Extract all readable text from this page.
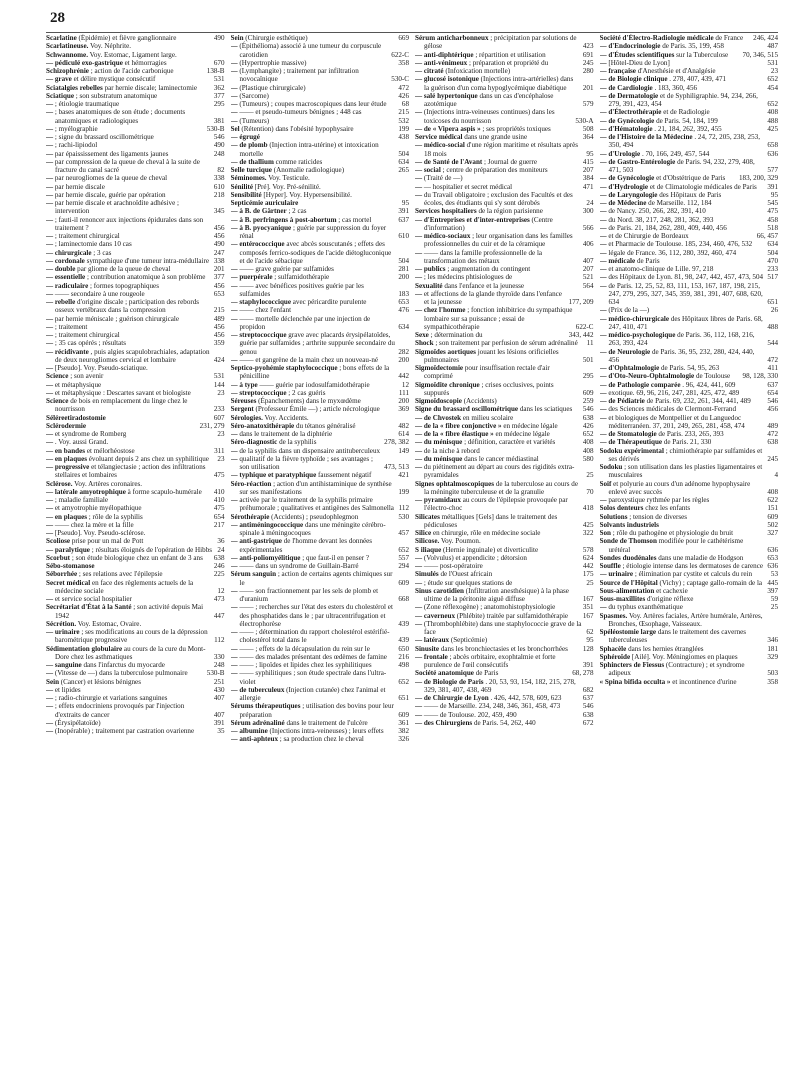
28
Scarlatine (Épidémie) et fièvre ganglionnaire	490
Scarlatineuse. Voy. Néphrite.
Schwannome. Voy. Estomac, Ligament large.
— pédiculé exo-gastrique et hémorragies	670
Schizophrénie ; action de l'acide carbonique	138-B
— grave et délire mystique consécutif	531
Sciatalgies rebelles par hernie discale; laminectomie	362
Sciatique ; son substratum anatomique	377
— ; étiologie traumatique	295
— ; bases anatomiques de son étude ; documents anatomiques et radiologiques	381
— ; myélographie	530-B
— ; signe du brassard oscillométrique	546
— ; rachi-lipiodol	490
— par épaississement des ligaments jaunes	248
— par compression de la queue de cheval à la suite de fracture du canal sacré	82
— par neurogliomes de la queue de cheval	338
— par hernie discale	610
— par hernie discale, guérie par opération	218
— par hernie discale et arachnoïdite adhésive ; intervention	345
— ; fauti-il renoncer aux injections épidurales dans son traitement ?	456
— ; traitement chirurgical	456
— ; laminectomie dans 10 cas	490
— chirurgicale ; 3 cas	247
— cordonale sympathique d'une tumeur intra-médullaire 338
— double par gliome de la queue de cheval	201
— essentielle ; contribution anatomique à son problème	377
— radiculaire ; formes topographiques	456
— —— secondaire à une rougeole	653
— rebelle d'origine discale ; participation des rebords osseux vertébraux dans la compression	215
— par hernie méniscale ; guérison chirurgicale	489
— ; traitement	456
— ; traitement chirurgical	456
— ; 35 cas opérés ; résultats	359
— récidivante , puis algies scapulobrachiales, adaptation de deux neurogliomes cervical et lombaire	424
— [Pseudo]. Voy. Pseudo-sciatique.
Science ; son avenir	531
— et métaphysique	144
— et métaphysique : Descartes savant et biologiste	23
Science de bois en remplacement du linge chez le nourrisson	233
Séléreetiradostomie	607
Sclérodermie	231, 279
— et syndrome de Romberg	23
— . Voy. aussi Grand.
— en bandes et mélorhéostose	311
— en plaques évoluant depuis 2 ans chez un syphilitique	23
— progressive et télangiectasie ; action des infiltrations stellaires et lombaires	475
Sclérose. Voy. Artères coronaires.
— latérale amyotrophique à forme scapulo-humérale	410
— ; maladie familiale	410
— et amyotrophie myélopathique	475
— en plaques ; rôle de la syphilis	654
— —— chez la mère et la fille	217
— [Pseudo]. Voy. Pseudo-sclérose.
Scoliose prise pour un mal de Pott	36
— paralytique ; résultats éloignés de l'opération de Hibbs 24
Scorbut ; son étude biologique chez un enfant de 3 ans	638
Sébo-stomanose	246
Séborrhée ; ses relations avec l'épilepsie	225
Secret médical en face des règlements actuels de la médecine sociale	12
— et service social hospitalier	473
Secrétariat d'État à la Santé ; son activité depuis Mai 1942	447
Sécrétion. Voy. Estomac, Ovaire.
— urinaire ; ses modifications au cours de la dépression barométrique progressive	112
Sédimentation globulaire au cours de la cure du Mont-Dore chez les asthmatiques	330
— sanguine dans l'infarctus du myocarde	248
— (Vitesse de —) dans la tuberculose pulmonaire	530-B
Sein (Cancer) et lésions bénignes	251
— et lipides	430
— ; radio-chirurgie et variations sanguines	407
— ; effets endocriniens provoqués par l'injection d'extraits de cancer	407
— (Érysipélatoïde)	391
— (Inopérable) ; traitement par castration ovarienne	35
Sein (Chirurgie esthétique)	669
— (Épithélioma) associé à une tumeur du corpuscule carotidien	622-C
— (Hypertrophie massive)	358
— (Lymphangite) ; traitement par infiltration novocaïnique	530-C
— (Plastique chirurgicale)	472
— (Sarcome)	426
— (Tumeurs) ; coupes macroscopiques dans leur étude	68
— —— et pseudo-tumeurs bénignes ; 448 cas	215
— (Tumeurs)	532
Sel (Rétention) dans l'obésité hypophysaire	199
— égrugé	438
— de plomb (Injection intra-utérine) et intoxication mortelle	504
— de thallium comme raticides	634
Selle turcique (Anomalie radiologique)	265
Séminomes. Voy. Testicule.
Sénilité [Pré]. Voy. Pré-sénilité.
Sensibilité [Hyper]. Voy. Hypersensibilité.
Septicémie auriculaire	95
— à B. de Gärtner ; 2 cas	391
— à B. perfringens à post-abortum ; cas mortel	637
— à B. pyocyanique ; guérie par suppression du foyer rénal	610
— entérococcique avec abcès souscutanés ; effets des composés ferrico-sodiques de l'acide diétogluconique et de l'acide sébacique	504
— —— grave guérie par sulfamides	281
— puerpérale ; sulfamidothérapie	200
— —— avec bénéfices positives guérie par les sulfamides	183
— staphylococcique avec péricardite purulente	653
— —— chez l'enfant	476
— —— mortelle déclenchée par une injection de propidon	634
— streptococcique grave avec placards érysipélatoïdes, guérie par sulfamides ; arthrite suppurée secondaire du genou	282
— —— et gangrène de la main chez un nouveau-né	200
Septico-pyohémie staphylococcique ; bons effets de la pénicilline	442
— à type —— guérie par iodosulfamidothérapie	12
— streptococcique ; 2 cas guéris	111
Séreuses (Épanchements) dans le myxœdème	200
Sergent (Professeur Émile —) ; article nécrologique	369
Sérologies. Voy. Accidents.
Séro-anatoxithérapie du tétanos généralisé	482
— dans le traitement de la diphtérie	614
Séro-diagnostic de la syphilis	278, 382
— de la syphilis dans un dispensaire antituberculeux	149
— qualitatif de la fièvre typhoïde ; ses avantages ; son utilisation	473, 513
— typhique et paratyphique faussement négatif	421
Séro-réaction ; action d'un antihistaminique de synthèse sur ses manifestations	199
— activée par le traitement de la syphilis primaire préhumorale ; qualitatives et antigènes des Salmonella 112
Sérothérapie (Accidents) ; pseudophlegmon	530
— antiméningococcique dans une méningite cérébro-spinale à méningocoques	457
— anti-gastrique de l'homme devant les données expérimentales	652
— anti-poliomyélitique ; que faut-il en penser ?	557
— —— dans un syndrome de Guillain-Barré	294
Sérum sanguin ; action de certains agents chimiques sur le	609
— —— son fractionnement par les sels de plomb et d'uranium	668
— —— ; recherches sur l'état des esters du cholestérol et des phosphatides dans le ; par ultracentrifugation et électrophorèse	439
— —— ; détermination du rapport cholestérol estérifié-cholestérol total dans le	439
— —— ; effets de la décapsulation du rein sur le	650
— —— des malades présentant des œdèmes de famine	216
— —— ; lipoïdes et lipides chez les syphilitiques	498
— —— syphilitiques ; son étude spectrale dans l'ultra-violet	652
— de tuberculeux (Injection cutanée) chez l'animal et allergie	651
Sérums thérapeutiques ; utilisation des bovins pour leur préparation	609
Sérum adrénaliné dans le traitement de l'ulcère	361
— albumine (Injections intra-veineuses) ; leurs effets	382
— anti-aphteux ; sa production chez le cheval	326
Sérum anticharbonneux ; précipitation par solutions de gélose	423
— anti-diphtérique ; répartition et utilisation	691
— anti-vénimeux ; préparation et propriété du	245
— citraté (Infoxication mortelle)	280
— glucosé isotonique (Injections intra-artérielles) dans la guérison d'un coma hypoglycémique diabétique	201
— salé hypertonique dans un cas d'encéphalose azotémique	579
— (Injections intra-veineuses continues) dans les toxicoses du nourrisson	530-A
— de « Vipera aspis » ; ses propriétés toxiques	508
Service médical dans une grande usine	364
— médico-social d'une région maritime et résultats après 18 mois	95
— de Santé de l'Avant ; Journal de guerre	415
— social ; centre de préparation des moniteurs	207
— (Traité de —)	384
— — hospitalier et secret médical	471
— du Travail obligatoire ; exclusion des Facultés et des écoles, des étudiants qui s'y sont dérobés	24
Services hospitaliers de la région parisienne	300
— d'Entreprises et d'inter-entreprises (Centre d'information)	566
— médico-sociaux ; leur organisation dans les familles professionnelles du cuir et de la céramique	406
— —— dans la famille professionnelle de la transformation des métaux	407
— publics ; augmentation du contingent	207
— ; les médecins phtisiologues de	521
Sexualité dans l'enfance et la jeunesse	564
— et affections de la glande thyroïde dans l'enfance et la jeunesse	177, 209
— chez l'homme ; fonction inhibitrice du sympathique lombaire sur sa puissance ; essai de sympathicothérapie	622-C
Sexe ; détermination du	343, 442
Shock ; son traitement par perfusion de sérum adrénaliné	11
Sigmoïdes aortiques jouant les lésions orificielles pulmonaires	501
Sigmoïdectomie pour insuffisation rectale d'air comprimé	295
Sigmoïdite chronique ; crises occlusives, points suppurés	609
Sigmoïdoscopie (Accidents)	259
Signe du brassard oscillométrique dans les sciatiques	546
— de Chvostek en milieu scolaire	638
— de la « fibre conjonctive » en médecine légale	426
— de la « fibre élastique » en médecine légale	652
— du ménisque ; définition, caractère et variétés	408
— de la niche à rebord	408
— du ménisque dans le cancer médiastinal	580
— du piétinement au départ au cours des rigidités extra-pyramidales	25
Signes ophtalmoscopiques de la tuberculose au cours de la méningite tuberculeuse et de la granulie	70
— pyramidaux au cours de l'épilepsie provoquée par l'électro-choc	418
Silicates métalliques [Gels] dans le traitement des pédiculoses	425
Silice en chirurgie, rôle en médecine sociale	322
Silicose. Voy. Poumon.
S iliaque (Hernie inguinale) et diverticulite	578
— (Volvulus) et appendicite ; détorsion	624
— —— post-opératoire	442
Simulés de l'Ouest africain	175
— ; étude sur quelques stations de	25
Sinus carotidien (Infiltration anesthésique) à la phase ultime de la péritonite aiguë diffuse	167
— (Zone réflexogène) ; anatomohistophysiologie	351
— caverneux (Phlébite) traitée par sulfamidothérapie	167
— (Thrombophlébite) dans une staphylococcie grave de la face	62
— latéraux (Septicémie)	95
Sinusite dans les bronchiectasies et les bronchorrhées	128
— frontale ; abcès orbitaire, exophtalmie et forte purulence de l'œil consécutifs	391
Société anatomique de Paris	68, 278
— de Biologie de Paris . 20, 53, 93, 154, 182, 215, 278, 329, 381, 407, 438, 469	682
— de Chirurgie de Lyon . 426, 442, 578, 609, 623	637
— —— de Marseille. 234, 248, 346, 361, 458, 473	546
— —— de Toulouse. 202, 459, 490	638
— des Chirurgiens de Paris. 54, 262, 440	672
Société d'Électro-Radiologie médicale de France	246, 424
— d'Endocrinologie de Paris. 35, 199, 458	487
— d'Études scientifiques sur la Tuberculose	70, 346, 515
— [Hôtel-Dieu de Lyon]	531
— française d'Anesthésie et d'Analgésie	23
— de Biologie clinique . 278, 407, 439, 471	652
— de Cardiologie . 183, 360, 456	454
— de Dermatologie et de Syphiligraphie. 94, 234, 266, 279, 391, 423, 454	652
— d'Électrothérapie et de Radiologie	408
— de Gynécologie de Paris. 54, 184, 199	488
— d'Hématologie . 21, 184, 262, 392, 455	425
— de l'Histoire de la Médecine . 24, 72, 205, 238, 253, 350, 494	658
— d'Urologie . 70, 166, 249, 457, 544	636
— de Gastro-Entérologie de Paris. 94, 232, 279, 408, 471, 503	577
— de Gynécologie et d'Obstétrique de Paris	183, 200, 329
— d'Hydrologie et de Climatologie médicales de Paris	391
— de Laryngologie des Hôpitaux de Paris	95
— de Médecine de Marseille. 112, 184	545
— de Nancy. 250, 266, 282, 391, 410	475
— du Nord. 38, 217, 248, 281, 362, 393	458
— de Paris. 21, 184, 262, 280, 409, 440, 456	518
— et de Chirurgie de Bordeaux	66, 457
— et Pharmacie de Toulouse. 185, 234, 460, 476, 532	634
— légale de France. 36, 112, 280, 392, 460, 474	504
— médicale de Paris	470
— et anatomo-clinique de Lille. 97, 218	233
— des Hôpitaux de Lyon. 81, 98, 247, 442, 457, 473, 504 517
— de Paris. 12, 25, 52, 83, 111, 153, 167, 187, 198, 215, 247, 279, 295, 327, 345, 359, 381, 391, 407, 608, 620, 634	651
— (Prix de la —)	26
— médico-chirurgicale des Hôpitaux libres de Paris. 68, 247, 410, 471	488
— médico-psychologique de Paris. 36, 112, 168, 216, 263, 393, 424	544
— de Neurologie de Paris. 36, 95, 232, 280, 424, 440, 456	472
— d'Ophtalmologie de Paris. 54, 95, 263	411
— d'Oto-Neuro-Ophtalmologie de Toulouse	98, 128, 330
— de Pathologie comparée . 96, 424, 441, 609	637
— exotique. 69, 96, 216, 247, 281, 425, 472, 489	654
— de Pédiatrie de Paris. 69, 232, 261, 344, 441, 489	546
— des Sciences médicales de Clermont-Ferrand	456
— et biologiques de Montpellier et du Languedoc méditerranéen. 37, 201, 249, 265, 281, 458, 474	489
— de Stomatologie de Paris. 233, 265, 393	472
— de Thérapeutique de Paris. 21, 330	638
Sodoku expérimental ; chimiothérapie par sulfamides et ses dérivés	245
Sodoku ; son utilisation dans les plasties ligamentaires et musculaires	4
Soif et polyurie au cours d'un adénome hypophysaire enlevé avec succès	408
— paroxystique rythmée par les règles	622
Solos denteurs chez les enfants	151
Solutions ; tension de diverses	609
Solvants industriels	502
Son ; rôle du pathogène et physiologie du bruit	327
Sonde de Thomson modifiée pour le cathétérisme urétéral	636
Sondes duodénales dans une maladie de Hodgson	653
Souffle ; étiologie intense dans les dermatoses de carence 636
— urinaire ; élimination par cystite et calculs du rein	53
Source de l'Hôpital (Vichy) ; captage gallo-romain de la 445
Sous-alimentation et cachexie	397
Sous-maxillites d'origine réflexe	59
— du typhus exanthématique	25
Spasmes. Voy. Artères faciales, Artère humérale, Artères, Bronches, Œsophage, Vaisseaux.
Spéléostomie large dans le traitement des cavernes tuberculeuses	346
Sphacèle dans les hernies étranglées	181
Sphéroïde [Ailé]. Voy. Méningiomes en plaques	329
Sphincters de Fiessus (Contracture) ; et syndrome adipeux	503
« Spina bifida occulta » et incontinence d'urine	358
